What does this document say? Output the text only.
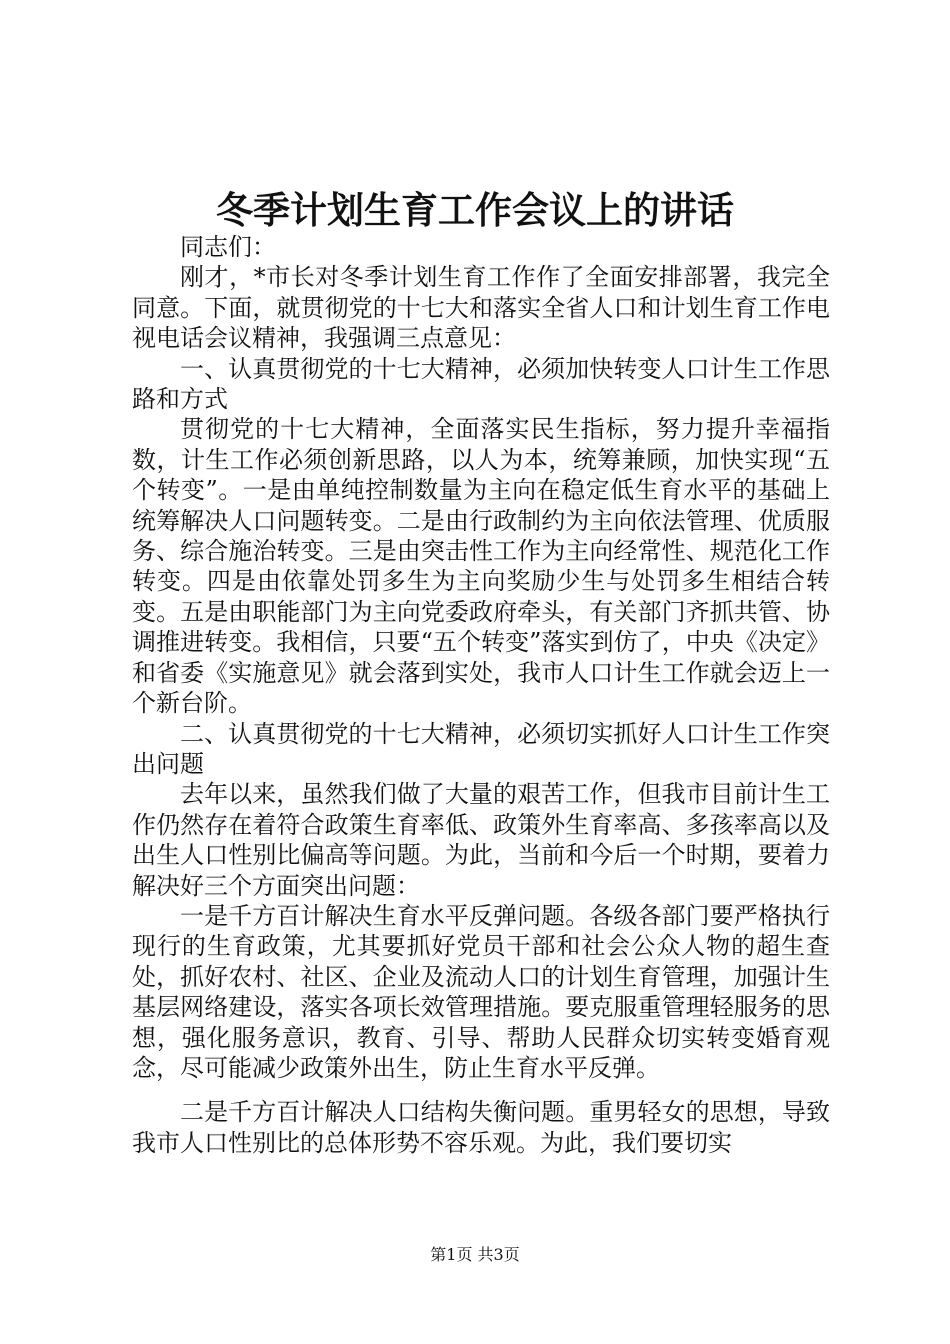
冬季计划生育工作会议上的讲话

同志们：

刚才，*市长对冬季计划生育工作作了全面安排部署，我完全同意。下面，就贯彻党的十七大和落实全省人口和计划生育工作电视电话会议精神，我强调三点意见：

一、认真贯彻党的十七大精神，必须加快转变人口计生工作思路和方式

贯彻党的十七大精神，全面落实民生指标，努力提升幸福指数，计生工作必须创新思路，以人为本，统筹兼顾，加快实现“五个转变”。一是由单纯控制数量为主向在稳定低生育水平的基础上统筹解决人口问题转变。二是由行政制约为主向依法管理、优质服务、综合施治转变。三是由突击性工作为主向经常性、规范化工作转变。四是由依靠处罚多生为主向奖励少生与处罚多生相结合转变。五是由职能部门为主向党委政府牵头，有关部门齐抓共管、协调推进转变。我相信，只要“五个转变”落实到仿了，中央《决定》和省委《实施意见》就会落到实处，我市人口计生工作就会迈上一个新台阶。

二、认真贯彻党的十七大精神，必须切实抓好人口计生工作突出问题

去年以来，虽然我们做了大量的艰苦工作，但我市目前计生工作仍然存在着符合政策生育率低、政策外生育率高、多孩率高以及出生人口性别比偏高等问题。为此，当前和今后一个时期，要着力解决好三个方面突出问题：

一是千方百计解决生育水平反弹问题。各级各部门要严格执行现行的生育政策，尤其要抓好党员干部和社会公众人物的超生查处，抓好农村、社区、企业及流动人口的计划生育管理，加强计生基层网络建设，落实各项长效管理措施。要克服重管理轻服务的思想，强化服务意识，教育、引导、帮助人民群众切实转变婚育观念，尽可能减少政策外出生，防止生育水平反弹。

二是千方百计解决人口结构失衡问题。重男轻女的思想，导致我市人口性别比的总体形势不容乐观。为此，我们要切实

第1页 共3页
